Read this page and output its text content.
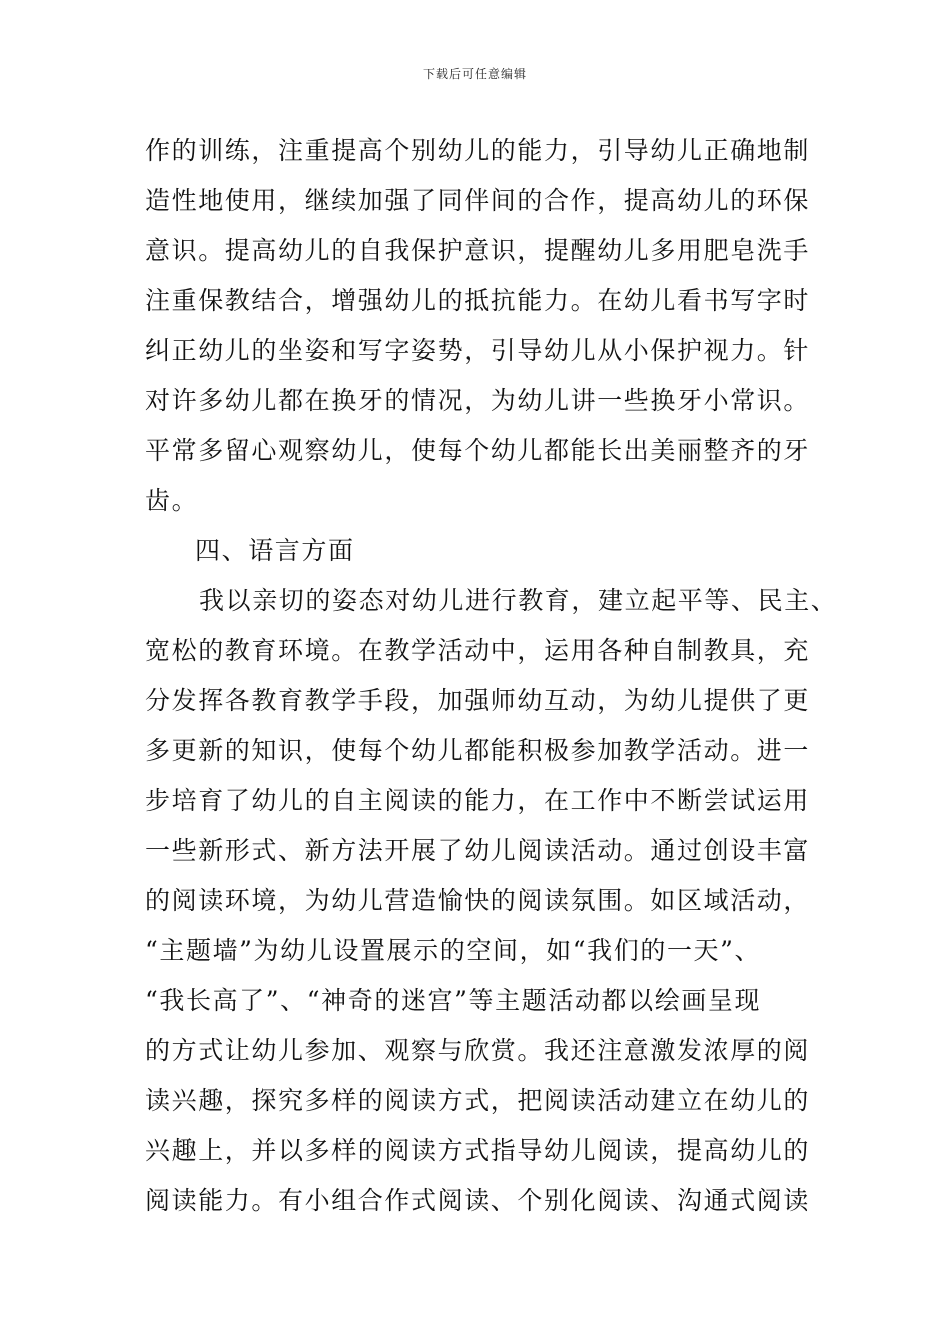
下载后可任意编辑
作的训练，注重提高个别幼儿的能力，引导幼儿正确地制
造性地使用，继续加强了同伴间的合作，提高幼儿的环保
意识。提高幼儿的自我保护意识，提醒幼儿多用肥皂洗手
注重保教结合，增强幼儿的抵抗能力。在幼儿看书写字时
纠正幼儿的坐姿和写字姿势，引导幼儿从小保护视力。针
对许多幼儿都在换牙的情况，为幼儿讲一些换牙小常识。
平常多留心观察幼儿，使每个幼儿都能长出美丽整齐的牙
齿。
四、语言方面
我以亲切的姿态对幼儿进行教育，建立起平等、民主、
宽松的教育环境。在教学活动中，运用各种自制教具，充
分发挥各教育教学手段，加强师幼互动，为幼儿提供了更
多更新的知识，使每个幼儿都能积极参加教学活动。进一
步培育了幼儿的自主阅读的能力，在工作中不断尝试运用
一些新形式、新方法开展了幼儿阅读活动。通过创设丰富
的阅读环境，为幼儿营造愉快的阅读氛围。如区域活动，
“主题墙”为幼儿设置展示的空间，如“我们的一天”、
“我长高了”、“神奇的迷宫”等主题活动都以绘画呈现
的方式让幼儿参加、观察与欣赏。我还注意激发浓厚的阅
读兴趣，探究多样的阅读方式，把阅读活动建立在幼儿的
兴趣上，并以多样的阅读方式指导幼儿阅读，提高幼儿的
阅读能力。有小组合作式阅读、个别化阅读、沟通式阅读
